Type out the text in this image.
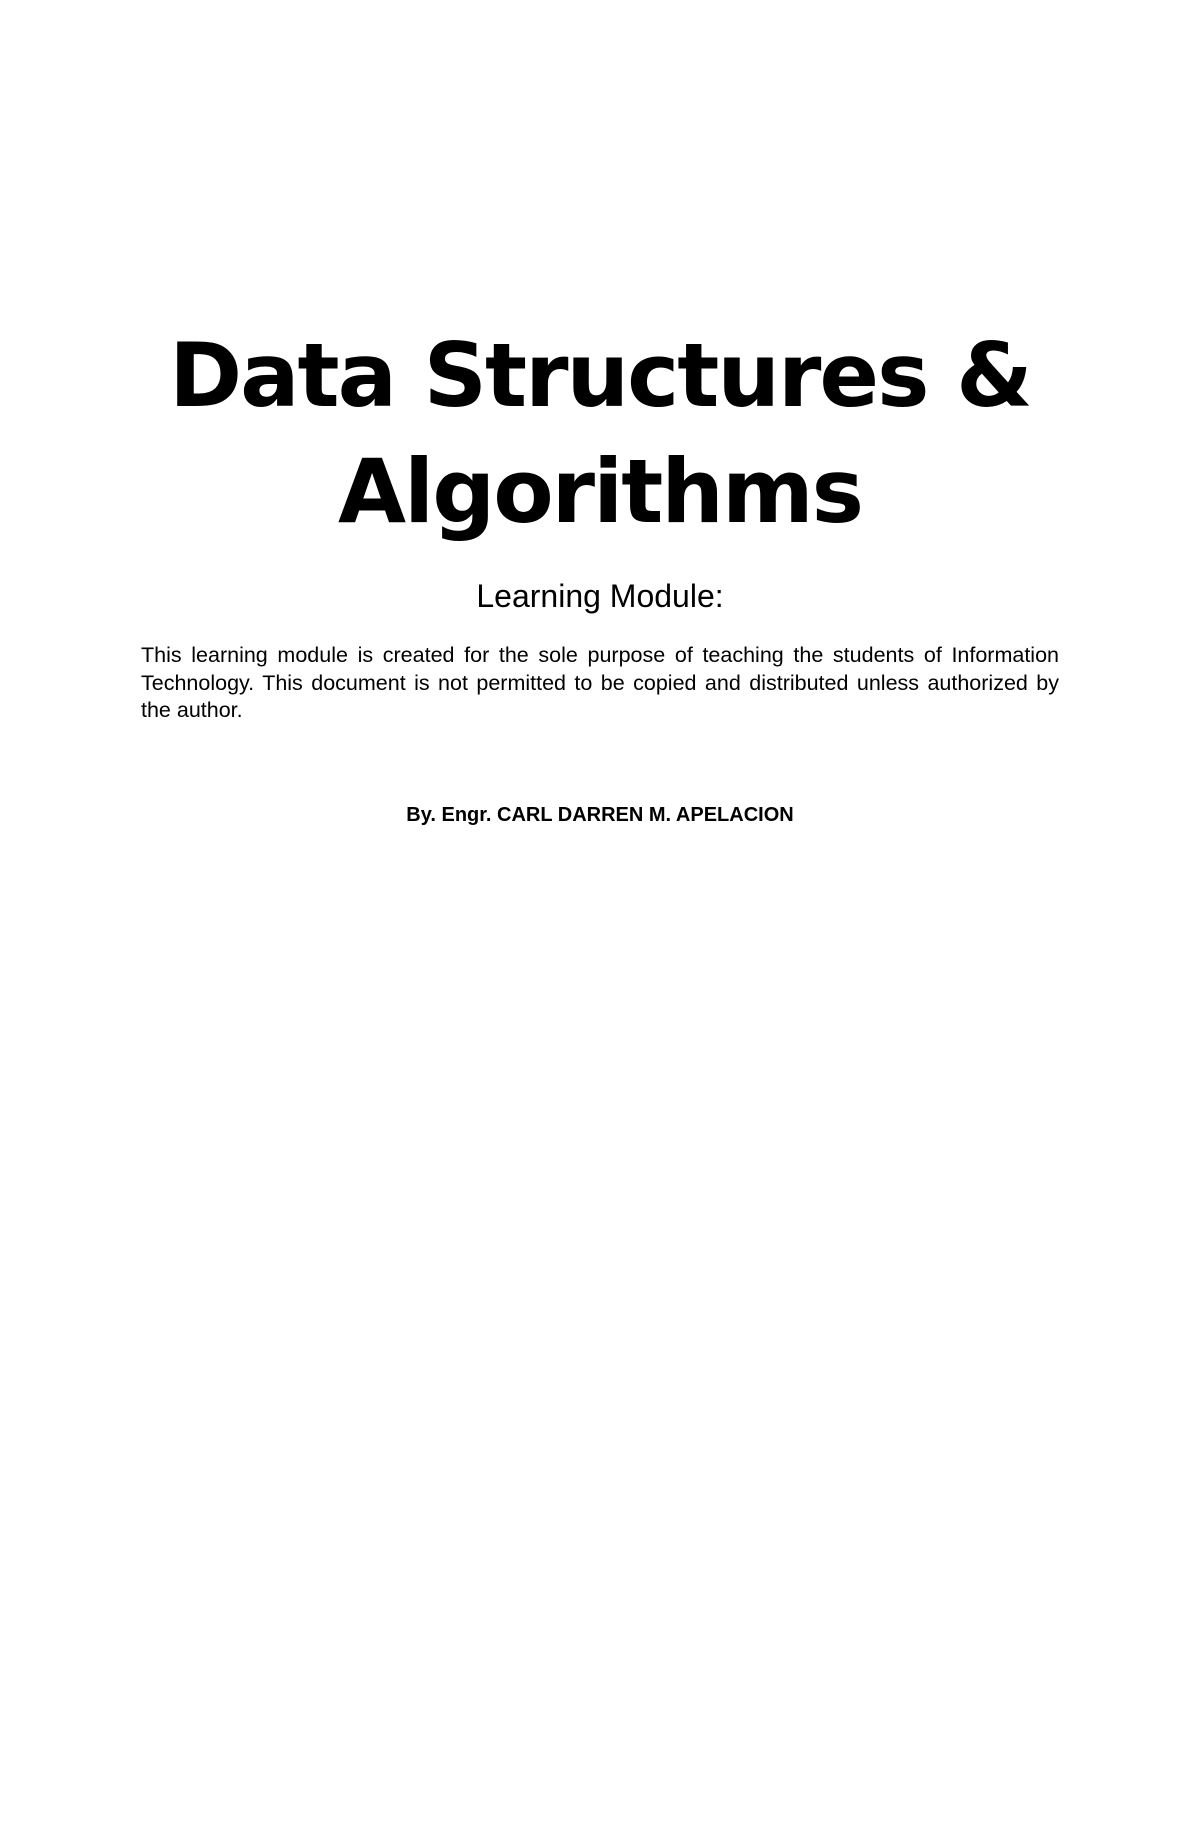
Data Structures &
Algorithms
Learning Module:

This learning module is created for the sole purpose of teaching the students of Information Technology. This document is not permitted to be copied and distributed unless authorized by the author.

By. Engr. CARL DARREN M. APELACION
